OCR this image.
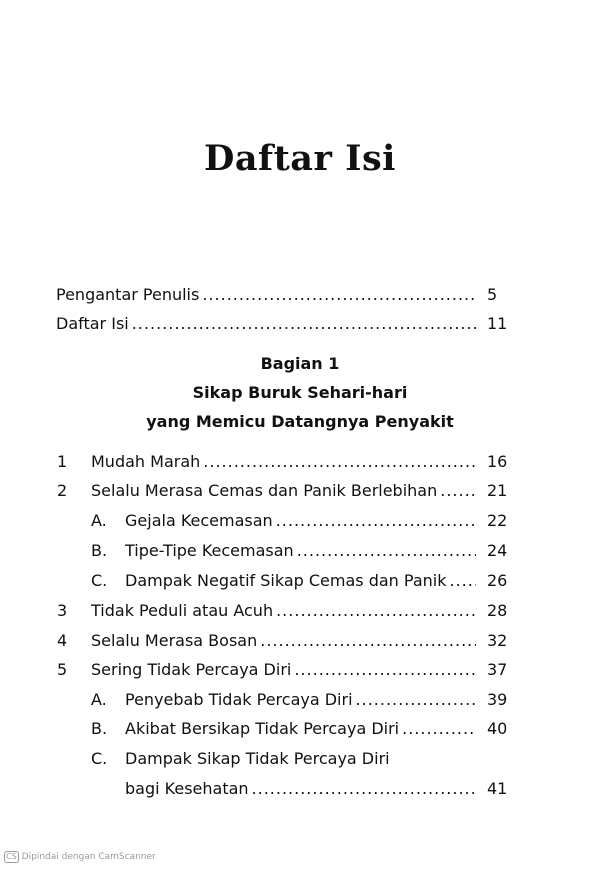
Daftar Isi
Pengantar Penulis .....	5
Daftar Isi .....	11
Bagian 1
Sikap Buruk Sehari-hari
yang Memicu Datangnya Penyakit
1 Mudah Marah .....	16
2 Selalu Merasa Cemas dan Panik Berlebihan .....	21
A. Gejala Kecemasan .....	22
B. Tipe-Tipe Kecemasan .....	24
C. Dampak Negatif Sikap Cemas dan Panik .....	26
3 Tidak Peduli atau Acuh .....	28
4 Selalu Merasa Bosan .....	32
5 Sering Tidak Percaya Diri .....	37
A. Penyebab Tidak Percaya Diri .....	39
B. Akibat Bersikap Tidak Percaya Diri .....	40
C. Dampak Sikap Tidak Percaya Diri
bagi Kesehatan .....	41
CS Dipindai dengan CamScanner
